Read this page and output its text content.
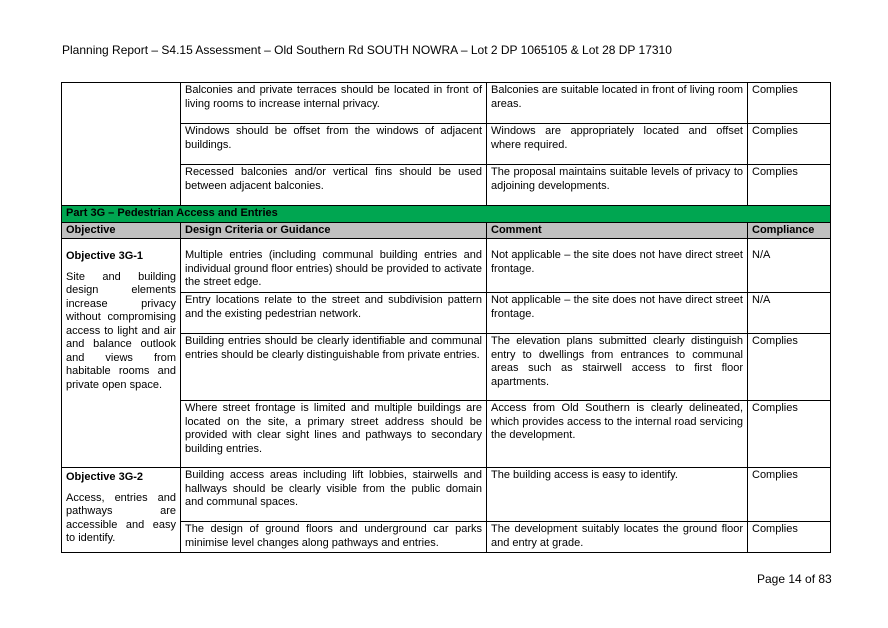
Planning Report – S4.15 Assessment – Old Southern Rd SOUTH NOWRA – Lot 2 DP 1065105 & Lot 28 DP 17310
	Balconies and private terraces should be located in front of living rooms to increase internal privacy.	Balconies are suitable located in front of living room areas.	Complies
	Windows should be offset from the windows of adjacent buildings.	Windows are appropriately located and offset where required.	Complies
	Recessed balconies and/or vertical fins should be used between adjacent balconies.	The proposal maintains suitable levels of privacy to adjoining developments.	Complies
Part 3G – Pedestrian Access and Entries			
Objective	Design Criteria or Guidance	Comment	Compliance

Objective 3G-1
Site and building design elements increase privacy without compromising access to light and air and balance outlook and views from habitable rooms and private open space.	Multiple entries (including communal building entries and individual ground floor entries) should be provided to activate the street edge.	Not applicable – the site does not have direct street frontage.	N/A
	Entry locations relate to the street and subdivision pattern and the existing pedestrian network.	Not applicable – the site does not have direct street frontage.	N/A
	Building entries should be clearly identifiable and communal entries should be clearly distinguishable from private entries.	The elevation plans submitted clearly distinguish entry to dwellings from entrances to communal areas such as stairwell access to first floor apartments.	Complies
	Where street frontage is limited and multiple buildings are located on the site, a primary street address should be provided with clear sight lines and pathways to secondary building entries.	Access from Old Southern is clearly delineated, which provides access to the internal road servicing the development.	Complies

Objective 3G-2
Access, entries and pathways are accessible and easy to identify.	Building access areas including lift lobbies, stairwells and hallways should be clearly visible from the public domain and communal spaces.	The building access is easy to identify.	Complies
	The design of ground floors and underground car parks minimise level changes along pathways and entries.	The development suitably locates the ground floor and entry at grade.	Complies
Page 14 of 83
